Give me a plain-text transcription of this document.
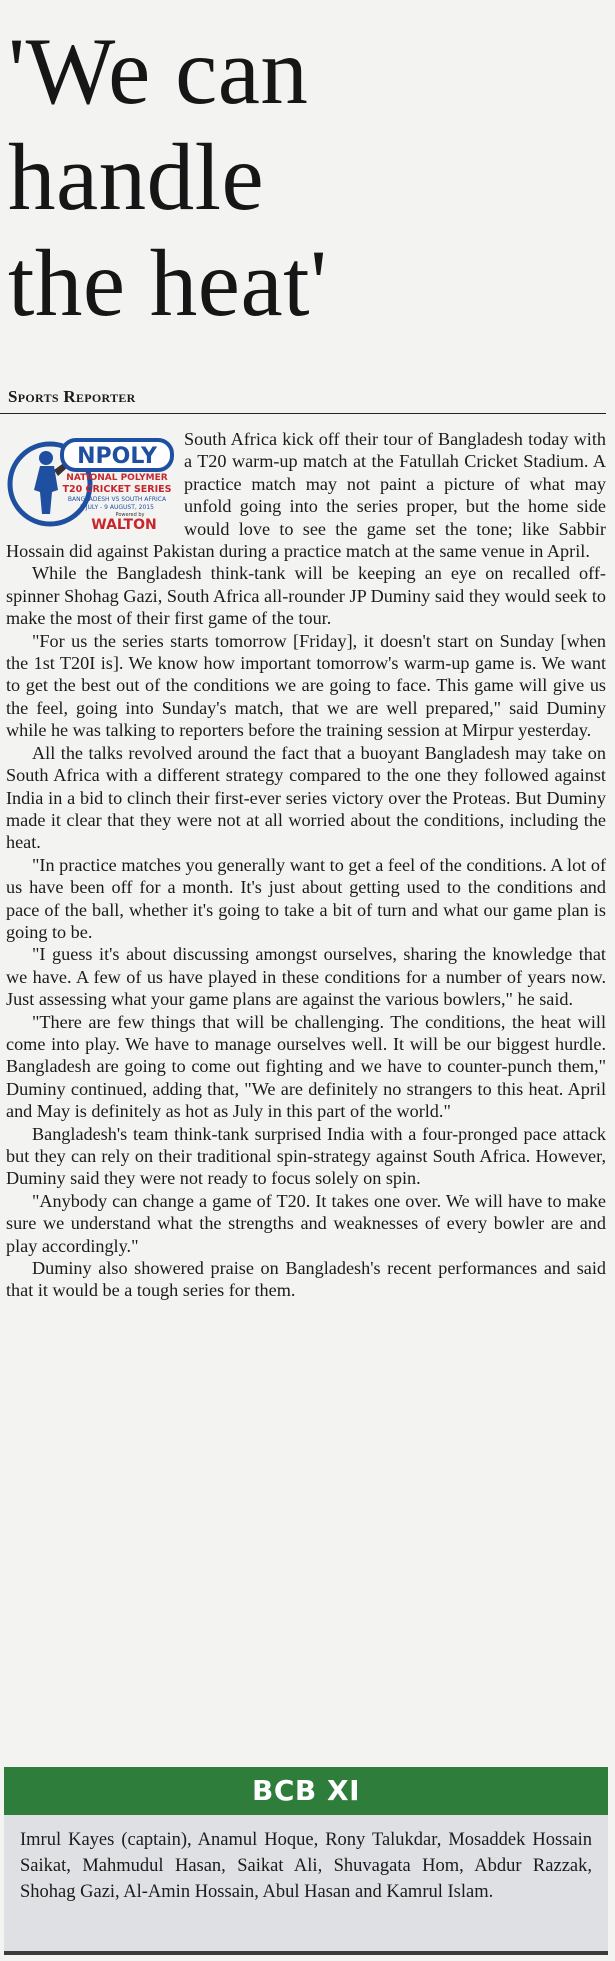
'We can
handle
the heat'
Sports Reporter
NPOLY
NATIONAL POLYMER
T20 CRICKET SERIES
BANGLADESH VS SOUTH AFRICA
5 JULY - 9 AUGUST, 2015
Powered by
WALTON

South Africa kick off their tour of Bangladesh today with a T20 warm-up match at the Fatullah Cricket Stadium. A practice match may not paint a picture of what may unfold going into the series proper, but the home side would love to see the game set the tone; like Sabbir Hossain did against Pakistan during a practice match at the same venue in April.

While the Bangladesh think-tank will be keeping an eye on recalled off-spinner Shohag Gazi, South Africa all-rounder JP Duminy said they would seek to make the most of their first game of the tour.

"For us the series starts tomorrow [Friday], it doesn't start on Sunday [when the 1st T20I is]. We know how important tomorrow's warm-up game is. We want to get the best out of the conditions we are going to face. This game will give us the feel, going into Sunday's match, that we are well prepared," said Duminy while he was talking to reporters before the training session at Mirpur yesterday.

All the talks revolved around the fact that a buoyant Bangladesh may take on South Africa with a different strategy compared to the one they followed against India in a bid to clinch their first-ever series victory over the Proteas. But Duminy made it clear that they were not at all worried about the conditions, including the heat.

"In practice matches you generally want to get a feel of the conditions. A lot of us have been off for a month. It's just about getting used to the conditions and pace of the ball, whether it's going to take a bit of turn and what our game plan is going to be.

"I guess it's about discussing amongst ourselves, sharing the knowledge that we have. A few of us have played in these conditions for a number of years now. Just assessing what your game plans are against the various bowlers," he said.

"There are few things that will be challenging. The conditions, the heat will come into play. We have to manage ourselves well. It will be our biggest hurdle. Bangladesh are going to come out fighting and we have to counter-punch them," Duminy continued, adding that, "We are definitely no strangers to this heat. April and May is definitely as hot as July in this part of the world."

Bangladesh's team think-tank surprised India with a four-pronged pace attack but they can rely on their traditional spin-strategy against South Africa. However, Duminy said they were not ready to focus solely on spin.

"Anybody can change a game of T20. It takes one over. We will have to make sure we understand what the strengths and weaknesses of every bowler are and play accordingly."

Duminy also showered praise on Bangladesh's recent performances and said that it would be a tough series for them.

BCB XI
Imrul Kayes (captain), Anamul Hoque, Rony Talukdar, Mosaddek Hossain Saikat, Mahmudul Hasan, Saikat Ali, Shuvagata Hom, Abdur Razzak, Shohag Gazi, Al-Amin Hossain, Abul Hasan and Kamrul Islam.
